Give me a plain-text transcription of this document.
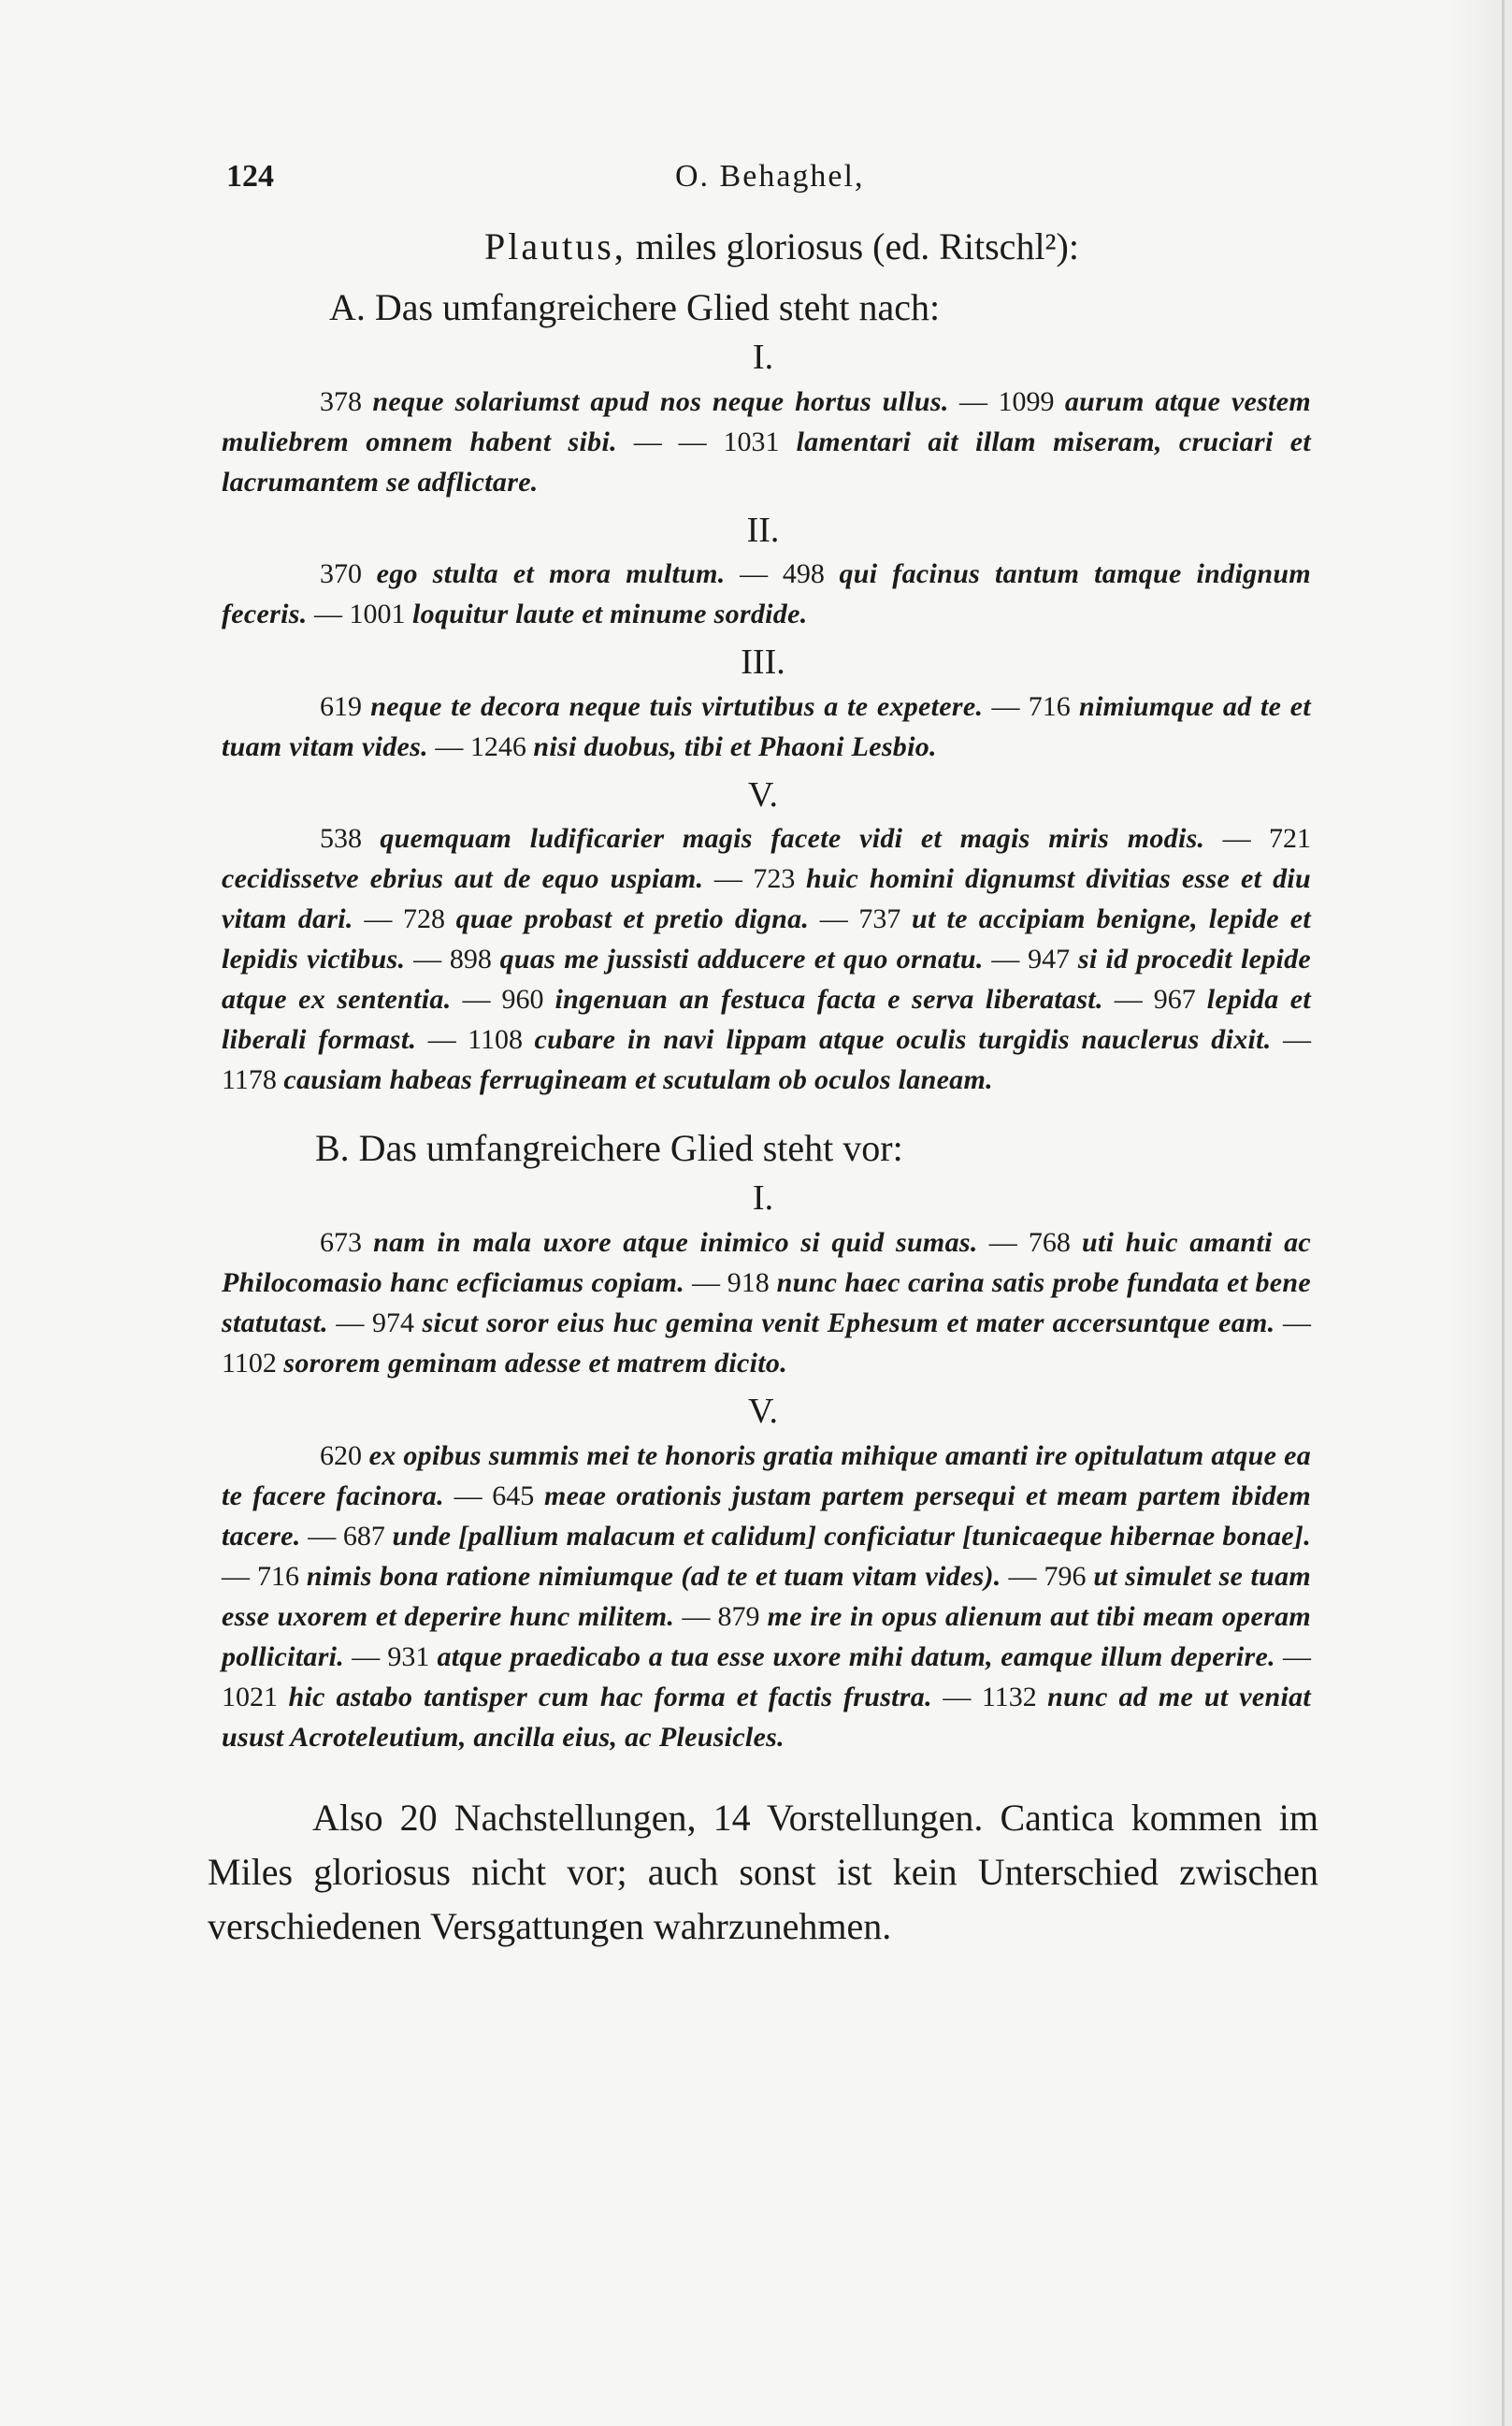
124	O. Behaghel,
Plautus, miles gloriosus (ed. Ritschl²):
A. Das umfangreichere Glied steht nach:
I.

378 neque solariumst apud nos neque hortus ullus. — 1099 aurum atque vestem muliebrem omnem habent sibi. — — 1031 lamentari ait illam miseram, cruciari et lacrumantem se adflictare.

II.

370 ego stulta et mora multum. — 498 qui facinus tantum tamque indignum feceris. — 1001 loquitur laute et minume sordide.

III.

619 neque te decora neque tuis virtutibus a te expetere. — 716 nimiumque ad te et tuam vitam vides. — 1246 nisi duobus, tibi et Phaoni Lesbio.

V.

538 quemquam ludificarier magis facete vidi et magis miris modis. — 721 cecidissetve ebrius aut de equo uspiam. — 723 huic homini dignumst divitias esse et diu vitam dari. — 728 quae probast et pretio digna. — 737 ut te accipiam benigne, lepide et lepidis victibus. — 898 quas me jussisti adducere et quo ornatu. — 947 si id procedit lepide atque ex sententia. — 960 ingenuan an festuca facta e serva liberatast. — 967 lepida et liberali formast. — 1108 cubare in navi lippam atque oculis turgidis nauclerus dixit. — 1178 causiam habeas ferrugineam et scutulam ob oculos laneam.

B. Das umfangreichere Glied steht vor:
I.

673 nam in mala uxore atque inimico si quid sumas. — 768 uti huic amanti ac Philocomasio hanc ecficiamus copiam. — 918 nunc haec carina satis probe fundata et bene statutast. — 974 sicut soror eius huc gemina venit Ephesum et mater accersuntque eam. — 1102 sororem geminam adesse et matrem dicito.

V.

620 ex opibus summis mei te honoris gratia mihique amanti ire opitulatum atque ea te facere facinora. — 645 meae orationis justam partem persequi et meam partem ibidem tacere. — 687 unde [pallium malacum et calidum] conficiatur [tunicaeque hibernae bonae]. — 716 nimis bona ratione nimiumque (ad te et tuam vitam vides). — 796 ut simulet se tuam esse uxorem et deperire hunc militem. — 879 me ire in opus alienum aut tibi meam operam pollicitari. — 931 atque praedicabo a tua esse uxore mihi datum, eamque illum deperire. — 1021 hic astabo tantisper cum hac forma et factis frustra. — 1132 nunc ad me ut veniat usust Acroteleutium, ancilla eius, ac Pleusicles.

Also 20 Nachstellungen, 14 Vorstellungen. Cantica kommen im Miles gloriosus nicht vor; auch sonst ist kein Unterschied zwischen verschiedenen Versgattungen wahrzunehmen.
